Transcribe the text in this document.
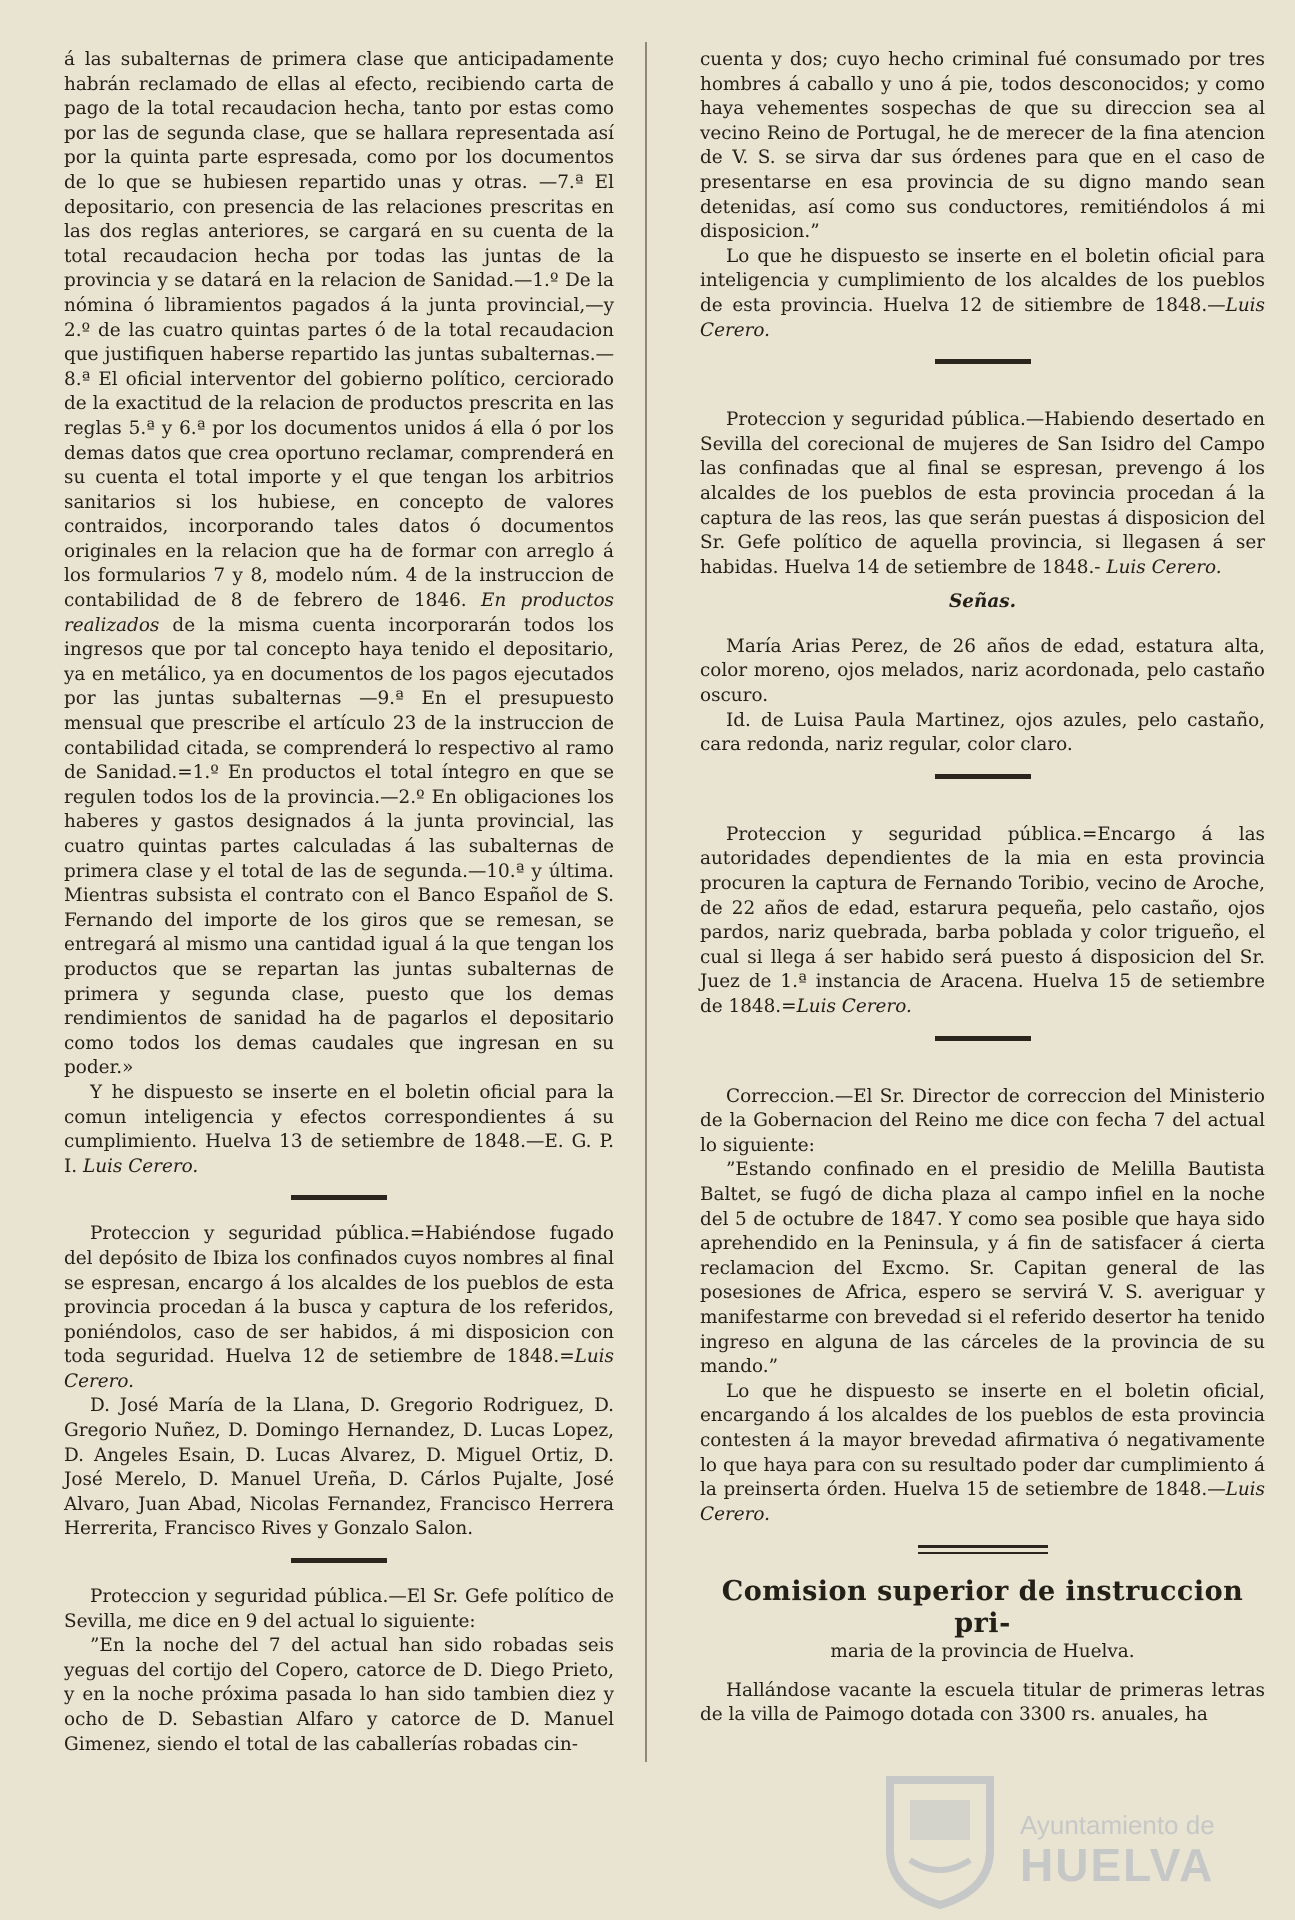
á las subalternas de primera clase que anticipadamente habrán reclamado de ellas al efecto, recibiendo carta de pago de la total recaudacion hecha, tanto por estas como por las de segunda clase, que se hallara representada así por la quinta parte espresada, como por los documentos de lo que se hubiesen repartido unas y otras. —7.ª El depositario, con presencia de las relaciones prescritas en las dos reglas anteriores, se cargará en su cuenta de la total recaudacion hecha por todas las juntas de la provincia y se datará en la relacion de Sanidad.—1.º De la nómina ó libramientos pagados á la junta provincial,—y 2.º de las cuatro quintas partes ó de la total recaudacion que justifiquen haberse repartido las juntas subalternas.—8.ª El oficial interventor del gobierno político, cerciorado de la exactitud de la relacion de productos prescrita en las reglas 5.ª y 6.ª por los documentos unidos á ella ó por los demas datos que crea oportuno reclamar, comprenderá en su cuenta el total importe y el que tengan los arbitrios sanitarios si los hubiese, en concepto de valores contraidos, incorporando tales datos ó documentos originales en la relacion que ha de formar con arreglo á los formularios 7 y 8, modelo núm. 4 de la instruccion de contabilidad de 8 de febrero de 1846. En productos realizados de la misma cuenta incorporarán todos los ingresos que por tal concepto haya tenido el depositario, ya en metálico, ya en documentos de los pagos ejecutados por las juntas subalternas —9.ª En el presupuesto mensual que prescribe el artículo 23 de la instruccion de contabilidad citada, se comprenderá lo respectivo al ramo de Sanidad.=1.º En productos el total íntegro en que se regulen todos los de la provincia.—2.º En obligaciones los haberes y gastos designados á la junta provincial, las cuatro quintas partes calculadas á las subalternas de primera clase y el total de las de segunda.—10.ª y última. Mientras subsista el contrato con el Banco Español de S. Fernando del importe de los giros que se remesan, se entregará al mismo una cantidad igual á la que tengan los productos que se repartan las juntas subalternas de primera y segunda clase, puesto que los demas rendimientos de sanidad ha de pagarlos el depositario como todos los demas caudales que ingresan en su poder.»

Y he dispuesto se inserte en el boletin oficial para la comun inteligencia y efectos correspondientes á su cumplimiento. Huelva 13 de setiembre de 1848.—E. G. P. I. Luis Cerero.

Proteccion y seguridad pública.=Habiéndose fugado del depósito de Ibiza los confinados cuyos nombres al final se espresan, encargo á los alcaldes de los pueblos de esta provincia procedan á la busca y captura de los referidos, poniéndolos, caso de ser habidos, á mi disposicion con toda seguridad. Huelva 12 de setiembre de 1848.=Luis Cerero.

D. José María de la Llana, D. Gregorio Rodriguez, D. Gregorio Nuñez, D. Domingo Hernandez, D. Lucas Lopez, D. Angeles Esain, D. Lucas Alvarez, D. Miguel Ortiz, D. José Merelo, D. Manuel Ureña, D. Cárlos Pujalte, José Alvaro, Juan Abad, Nicolas Fernandez, Francisco Herrera Herrerita, Francisco Rives y Gonzalo Salon.

Proteccion y seguridad pública.—El Sr. Gefe político de Sevilla, me dice en 9 del actual lo siguiente:

”En la noche del 7 del actual han sido robadas seis yeguas del cortijo del Copero, catorce de D. Diego Prieto, y en la noche próxima pasada lo han sido tambien diez y ocho de D. Sebastian Alfaro y catorce de D. Manuel Gimenez, siendo el total de las caballerías robadas cin-

cuenta y dos; cuyo hecho criminal fué consumado por tres hombres á caballo y uno á pie, todos desconocidos; y como haya vehementes sospechas de que su direccion sea al vecino Reino de Portugal, he de merecer de la fina atencion de V. S. se sirva dar sus órdenes para que en el caso de presentarse en esa provincia de su digno mando sean detenidas, así como sus conductores, remitiéndolos á mi disposicion.”

Lo que he dispuesto se inserte en el boletin oficial para inteligencia y cumplimiento de los alcaldes de los pueblos de esta provincia. Huelva 12 de sitiembre de 1848.—Luis Cerero.

Proteccion y seguridad pública.—Habiendo desertado en Sevilla del corecional de mujeres de San Isidro del Campo las confinadas que al final se espresan, prevengo á los alcaldes de los pueblos de esta provincia procedan á la captura de las reos, las que serán puestas á disposicion del Sr. Gefe político de aquella provincia, si llegasen á ser habidas. Huelva 14 de setiembre de 1848.- Luis Cerero.

Señas.

María Arias Perez, de 26 años de edad, estatura alta, color moreno, ojos melados, nariz acordonada, pelo castaño oscuro.

Id. de Luisa Paula Martinez, ojos azules, pelo castaño, cara redonda, nariz regular, color claro.

Proteccion y seguridad pública.=Encargo á las autoridades dependientes de la mia en esta provincia procuren la captura de Fernando Toribio, vecino de Aroche, de 22 años de edad, estarura pequeña, pelo castaño, ojos pardos, nariz quebrada, barba poblada y color trigueño, el cual si llega á ser habido será puesto á disposicion del Sr. Juez de 1.ª instancia de Aracena. Huelva 15 de setiembre de 1848.=Luis Cerero.

Correccion.—El Sr. Director de correccion del Ministerio de la Gobernacion del Reino me dice con fecha 7 del actual lo siguiente:

”Estando confinado en el presidio de Melilla Bautista Baltet, se fugó de dicha plaza al campo infiel en la noche del 5 de octubre de 1847. Y como sea posible que haya sido aprehendido en la Peninsula, y á fin de satisfacer á cierta reclamacion del Excmo. Sr. Capitan general de las posesiones de Africa, espero se servirá V. S. averiguar y manifestarme con brevedad si el referido desertor ha tenido ingreso en alguna de las cárceles de la provincia de su mando.”

Lo que he dispuesto se inserte en el boletin oficial, encargando á los alcaldes de los pueblos de esta provincia contesten á la mayor brevedad afirmativa ó negativamente lo que haya para con su resultado poder dar cumplimiento á la preinserta órden. Huelva 15 de setiembre de 1848.—Luis Cerero.

Comision superior de instruccion pri-
maria de la provincia de Huelva.

Hallándose vacante la escuela titular de primeras letras de la villa de Paimogo dotada con 3300 rs. anuales, ha

Ayuntamiento de
HUELVA
